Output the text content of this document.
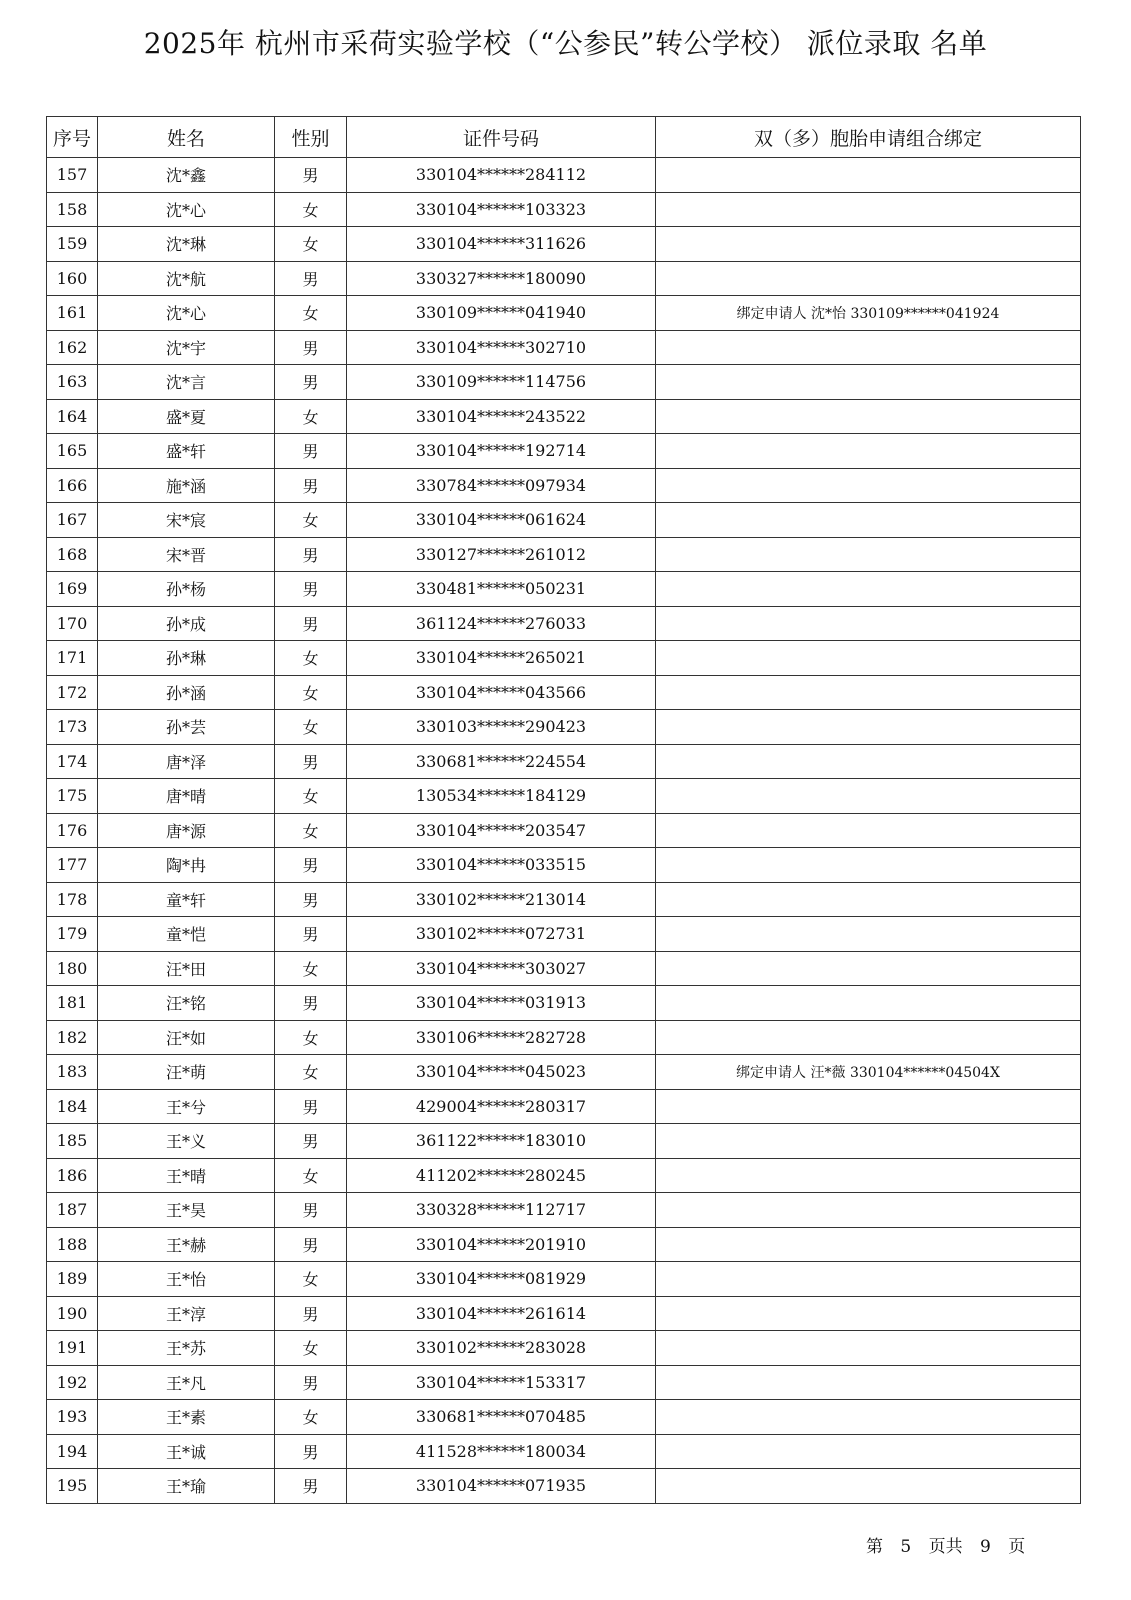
2025年 杭州市采荷实验学校（“公参民”转公学校） 派位录取 名单
序号	姓名	性别	证件号码	双（多）胞胎申请组合绑定
157	沈*鑫	男	330104******284112	
158	沈*心	女	330104******103323	
159	沈*琳	女	330104******311626	
160	沈*航	男	330327******180090	
161	沈*心	女	330109******041940	绑定申请人 沈*怡 330109******041924
162	沈*宇	男	330104******302710	
163	沈*言	男	330109******114756	
164	盛*夏	女	330104******243522	
165	盛*轩	男	330104******192714	
166	施*涵	男	330784******097934	
167	宋*宸	女	330104******061624	
168	宋*晋	男	330127******261012	
169	孙*杨	男	330481******050231	
170	孙*成	男	361124******276033	
171	孙*琳	女	330104******265021	
172	孙*涵	女	330104******043566	
173	孙*芸	女	330103******290423	
174	唐*泽	男	330681******224554	
175	唐*晴	女	130534******184129	
176	唐*源	女	330104******203547	
177	陶*冉	男	330104******033515	
178	童*轩	男	330102******213014	
179	童*恺	男	330102******072731	
180	汪*田	女	330104******303027	
181	汪*铭	男	330104******031913	
182	汪*如	女	330106******282728	
183	汪*萌	女	330104******045023	绑定申请人 汪*薇 330104******04504X
184	王*兮	男	429004******280317	
185	王*义	男	361122******183010	
186	王*晴	女	411202******280245	
187	王*昊	男	330328******112717	
188	王*赫	男	330104******201910	
189	王*怡	女	330104******081929	
190	王*淳	男	330104******261614	
191	王*苏	女	330102******283028	
192	王*凡	男	330104******153317	
193	王*素	女	330681******070485	
194	王*诚	男	411528******180034	
195	王*瑜	男	330104******071935	
第 5 页共 9 页
